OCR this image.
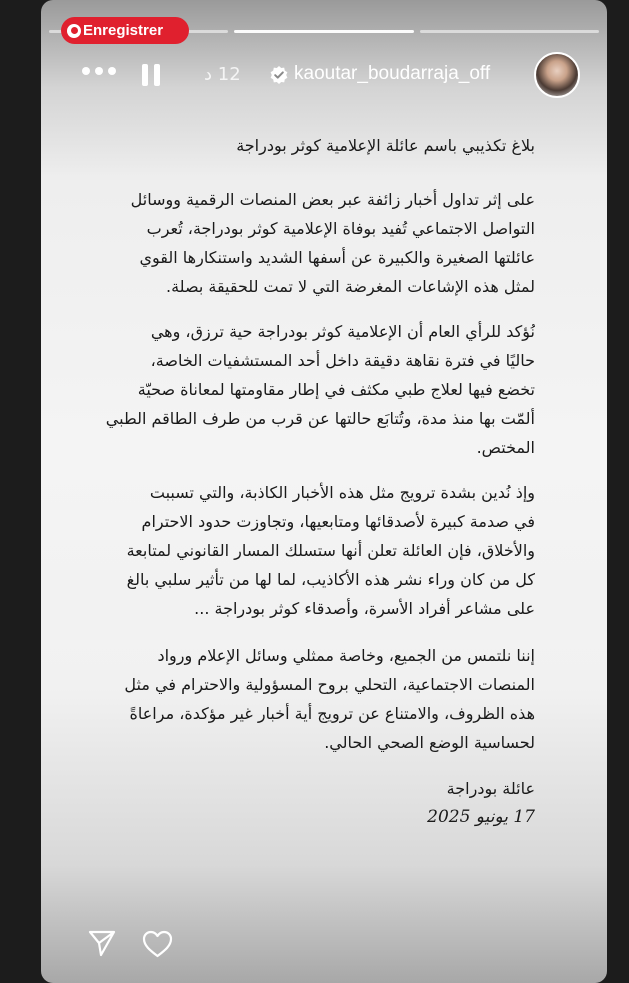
12 د	kaoutar_boudarraja_off
بلاغ تكذيبي باسم عائلة الإعلامية كوثر بودراجة
على إثر تداول أخبار زائفة عبر بعض المنصات الرقمية ووسائل
التواصل الاجتماعي تُفيد بوفاة الإعلامية كوثر بودراجة، تُعرب
عائلتها الصغيرة والكبيرة عن أسفها الشديد واستنكارها القوي
لمثل هذه الإشاعات المغرضة التي لا تمت للحقيقة بصلة.
نُؤكد للرأي العام أن الإعلامية كوثر بودراجة حية ترزق، وهي
حاليًا في فترة نقاهة دقيقة داخل أحد المستشفيات الخاصة،
تخضع فيها لعلاج طبي مكثف في إطار مقاومتها لمعاناة صحيّة
ألمّت بها منذ مدة، وتُتابَع حالتها عن قرب من طرف الطاقم الطبي
المختص.
وإذ نُدين بشدة ترويج مثل هذه الأخبار الكاذبة، والتي تسببت
في صدمة كبيرة لأصدقائها ومتابعيها، وتجاوزت حدود الاحترام
والأخلاق، فإن العائلة تعلن أنها ستسلك المسار القانوني لمتابعة
كل من كان وراء نشر هذه الأكاذيب، لما لها من تأثير سلبي بالغ
على مشاعر أفراد الأسرة، وأصدقاء كوثر بودراجة ...
إننا نلتمس من الجميع، وخاصة ممثلي وسائل الإعلام ورواد
المنصات الاجتماعية، التحلي بروح المسؤولية والاحترام في مثل
هذه الظروف، والامتناع عن ترويج أية أخبار غير مؤكدة، مراعاةً
لحساسية الوضع الصحي الحالي.
عائلة بودراجة
17 يونيو 2025
Enregistrer
